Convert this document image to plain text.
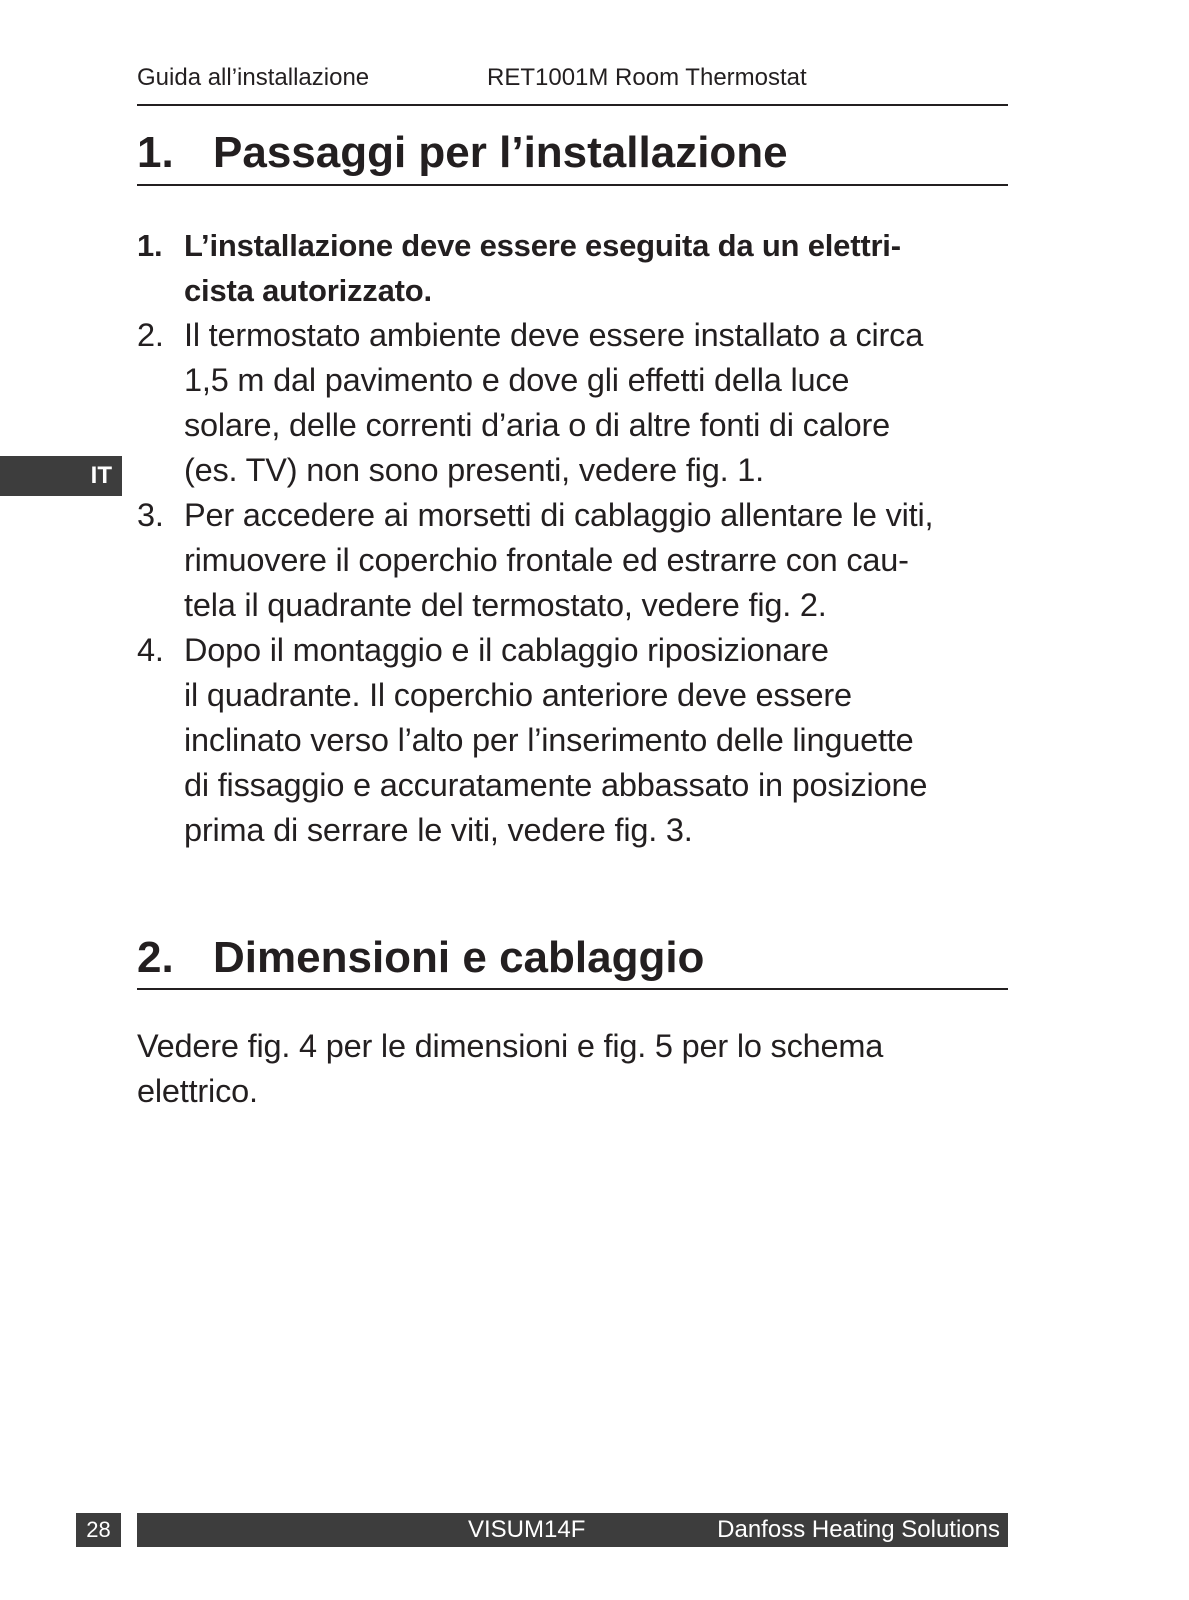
Guida all’installazione	RET1001M Room Thermostat
1. Passaggi per l’installazione
1. L’installazione deve essere eseguita da un elettri-
cista autorizzato.
2. Il termostato ambiente deve essere installato a circa
1,5 m dal pavimento e dove gli effetti della luce
solare, delle correnti d’aria o di altre fonti di calore
(es. TV) non sono presenti, vedere fig. 1.
3. Per accedere ai morsetti di cablaggio allentare le viti,
rimuovere il coperchio frontale ed estrarre con cau-
tela il quadrante del termostato, vedere fig. 2.
4. Dopo il montaggio e il cablaggio riposizionare
il quadrante. Il coperchio anteriore deve essere
inclinato verso l’alto per l’inserimento delle linguette
di fissaggio e accuratamente abbassato in posizione
prima di serrare le viti, vedere fig. 3.
IT
2. Dimensioni e cablaggio
Vedere fig. 4 per le dimensioni e fig. 5 per lo schema
elettrico.
28	VISUM14F	Danfoss Heating Solutions
